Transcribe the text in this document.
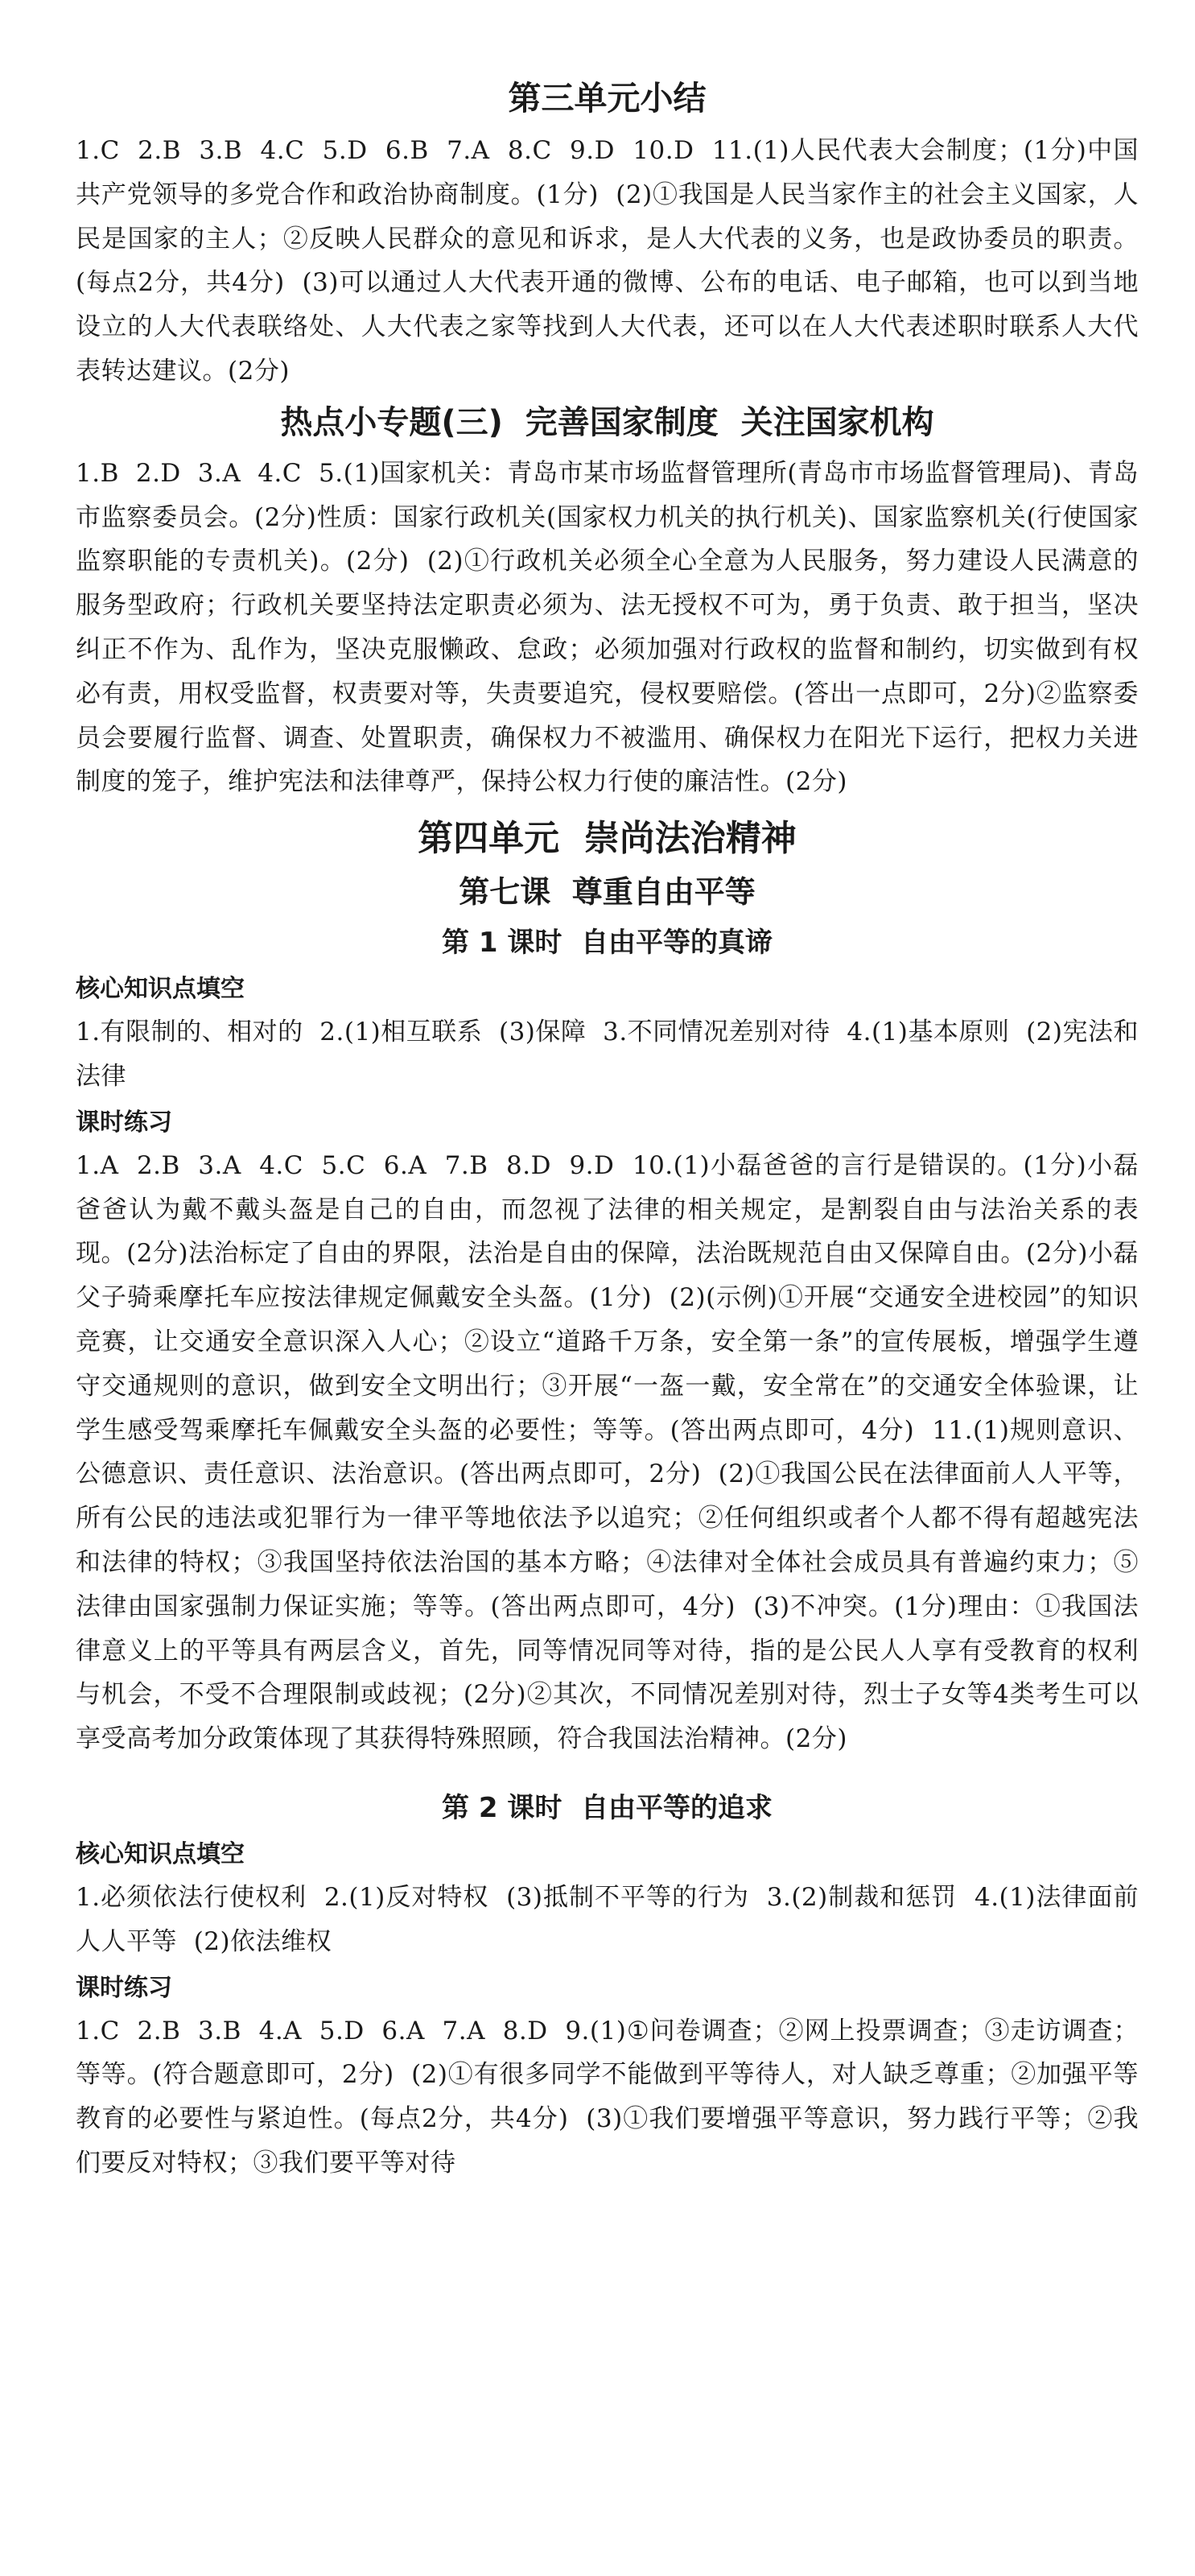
第三单元小结

1.C  2.B  3.B  4.C  5.D  6.B  7.A  8.C  9.D  10.D  11.(1)人民代表大会制度；(1分)中国共产党领导的多党合作和政治协商制度。(1分)  (2)①我国是人民当家作主的社会主义国家，人民是国家的主人；②反映人民群众的意见和诉求，是人大代表的义务，也是政协委员的职责。(每点2分，共4分)  (3)可以通过人大代表开通的微博、公布的电话、电子邮箱，也可以到当地设立的人大代表联络处、人大代表之家等找到人大代表，还可以在人大代表述职时联系人大代表转达建议。(2分)

热点小专题(三)  完善国家制度  关注国家机构

1.B  2.D  3.A  4.C  5.(1)国家机关：青岛市某市场监督管理所(青岛市市场监督管理局)、青岛市监察委员会。(2分)性质：国家行政机关(国家权力机关的执行机关)、国家监察机关(行使国家监察职能的专责机关)。(2分)  (2)①行政机关必须全心全意为人民服务，努力建设人民满意的服务型政府；行政机关要坚持法定职责必须为、法无授权不可为，勇于负责、敢于担当，坚决纠正不作为、乱作为，坚决克服懒政、怠政；必须加强对行政权的监督和制约，切实做到有权必有责，用权受监督，权责要对等，失责要追究，侵权要赔偿。(答出一点即可，2分)②监察委员会要履行监督、调查、处置职责，确保权力不被滥用、确保权力在阳光下运行，把权力关进制度的笼子，维护宪法和法律尊严，保持公权力行使的廉洁性。(2分)

第四单元  崇尚法治精神
第七课  尊重自由平等
第 1 课时  自由平等的真谛
核心知识点填空

1.有限制的、相对的  2.(1)相互联系  (3)保障  3.不同情况差别对待  4.(1)基本原则  (2)宪法和法律

课时练习

1.A  2.B  3.A  4.C  5.C  6.A  7.B  8.D  9.D  10.(1)小磊爸爸的言行是错误的。(1分)小磊爸爸认为戴不戴头盔是自己的自由，而忽视了法律的相关规定，是割裂自由与法治关系的表现。(2分)法治标定了自由的界限，法治是自由的保障，法治既规范自由又保障自由。(2分)小磊父子骑乘摩托车应按法律规定佩戴安全头盔。(1分)  (2)(示例)①开展“交通安全进校园”的知识竞赛，让交通安全意识深入人心；②设立“道路千万条，安全第一条”的宣传展板，增强学生遵守交通规则的意识，做到安全文明出行；③开展“一盔一戴，安全常在”的交通安全体验课，让学生感受驾乘摩托车佩戴安全头盔的必要性；等等。(答出两点即可，4分)  11.(1)规则意识、公德意识、责任意识、法治意识。(答出两点即可，2分)  (2)①我国公民在法律面前人人平等，所有公民的违法或犯罪行为一律平等地依法予以追究；②任何组织或者个人都不得有超越宪法和法律的特权；③我国坚持依法治国的基本方略；④法律对全体社会成员具有普遍约束力；⑤法律由国家强制力保证实施；等等。(答出两点即可，4分)  (3)不冲突。(1分)理由：①我国法律意义上的平等具有两层含义，首先，同等情况同等对待，指的是公民人人享有受教育的权利与机会，不受不合理限制或歧视；(2分)②其次，不同情况差别对待，烈士子女等4类考生可以享受高考加分政策体现了其获得特殊照顾，符合我国法治精神。(2分)

第 2 课时  自由平等的追求
核心知识点填空

1.必须依法行使权利  2.(1)反对特权  (3)抵制不平等的行为  3.(2)制裁和惩罚  4.(1)法律面前人人平等  (2)依法维权

课时练习

1.C  2.B  3.B  4.A  5.D  6.A  7.A  8.D  9.(1)①问卷调查；②网上投票调查；③走访调查；等等。(符合题意即可，2分)  (2)①有很多同学不能做到平等待人，对人缺乏尊重；②加强平等教育的必要性与紧迫性。(每点2分，共4分)  (3)①我们要增强平等意识，努力践行平等；②我们要反对特权；③我们要平等对待
